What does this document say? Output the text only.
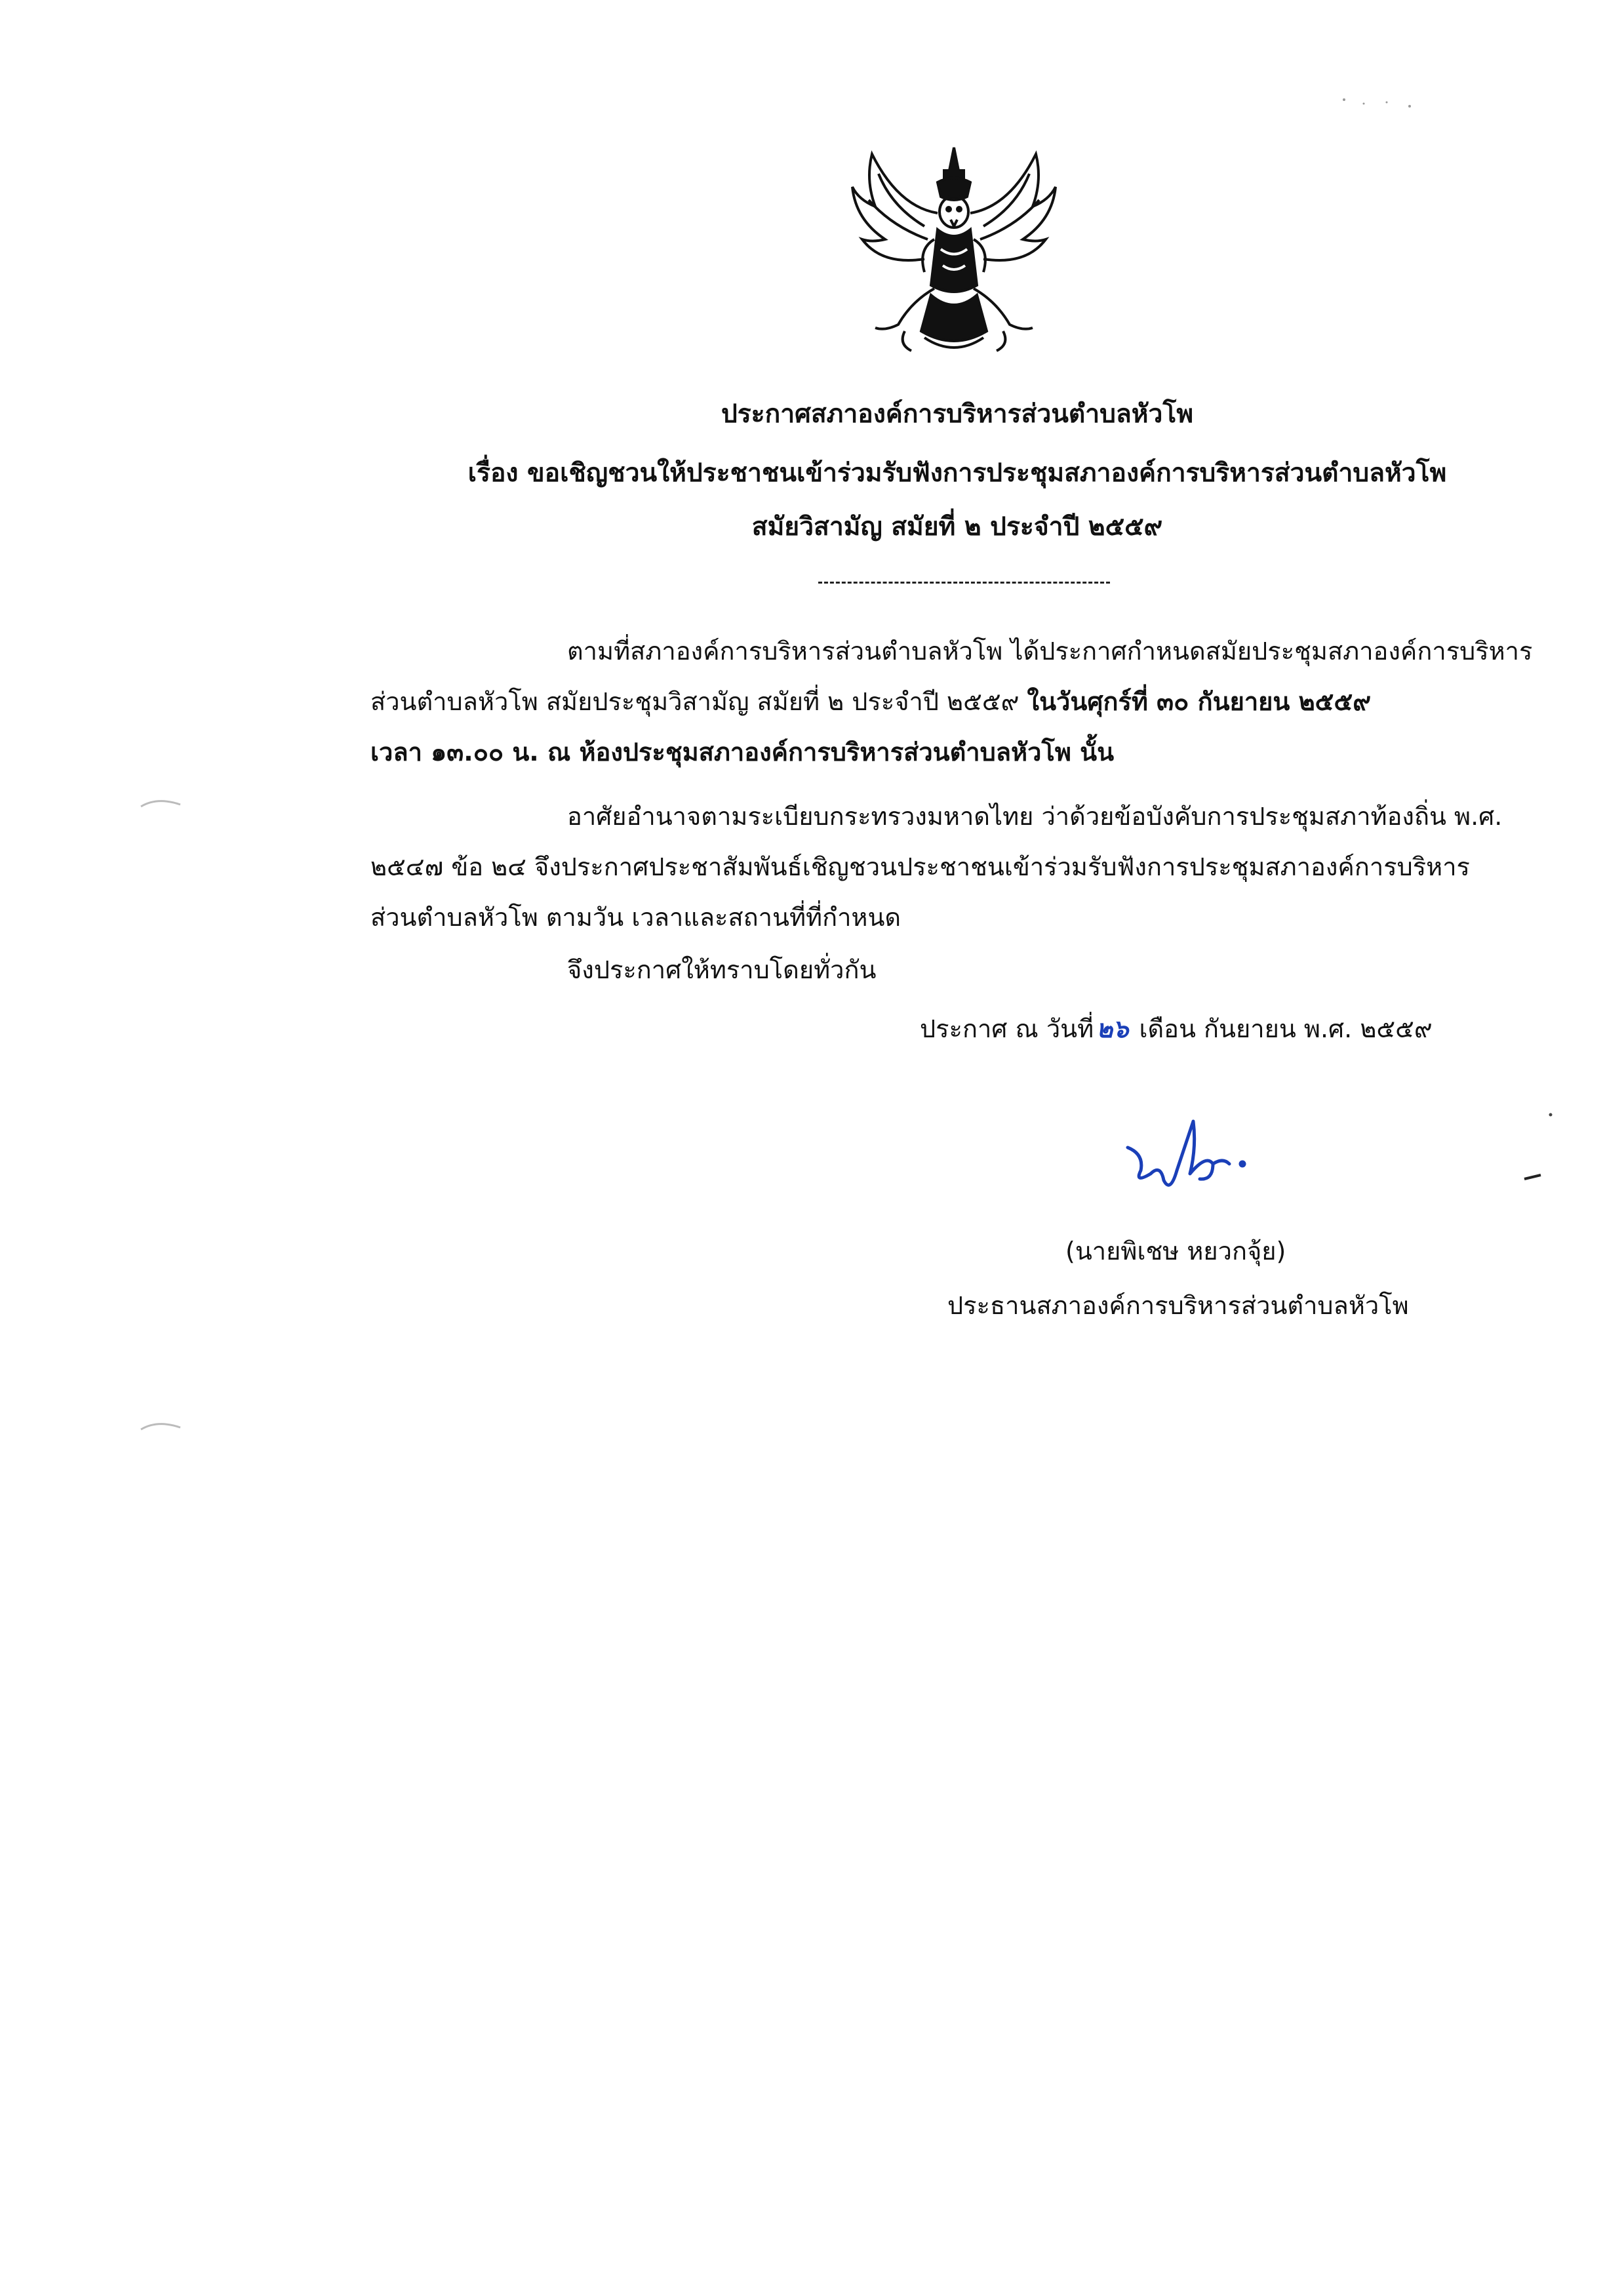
ประกาศสภาองค์การบริหารส่วนตำบลหัวโพ
เรื่อง ขอเชิญชวนให้ประชาชนเข้าร่วมรับฟังการประชุมสภาองค์การบริหารส่วนตำบลหัวโพ
สมัยวิสามัญ สมัยที่ ๒ ประจำปี ๒๕๕๙
ตามที่สภาองค์การบริหารส่วนตำบลหัวโพ ได้ประกาศกำหนดสมัยประชุมสภาองค์การบริหาร
ส่วนตำบลหัวโพ สมัยประชุมวิสามัญ สมัยที่ ๒ ประจำปี ๒๕๕๙ ในวันศุกร์ที่ ๓๐ กันยายน ๒๕๕๙
เวลา ๑๓.๐๐ น. ณ ห้องประชุมสภาองค์การบริหารส่วนตำบลหัวโพ นั้น
อาศัยอำนาจตามระเบียบกระทรวงมหาดไทย ว่าด้วยข้อบังคับการประชุมสภาท้องถิ่น พ.ศ.
๒๕๔๗ ข้อ ๒๔ จึงประกาศประชาสัมพันธ์เชิญชวนประชาชนเข้าร่วมรับฟังการประชุมสภาองค์การบริหาร
ส่วนตำบลหัวโพ ตามวัน เวลาและสถานที่ที่กำหนด
จึงประกาศให้ทราบโดยทั่วกัน
ประกาศ ณ วันที่ ๒๖ เดือน กันยายน พ.ศ. ๒๕๕๙
(นายพิเชษ หยวกจุ้ย)
ประธานสภาองค์การบริหารส่วนตำบลหัวโพ
